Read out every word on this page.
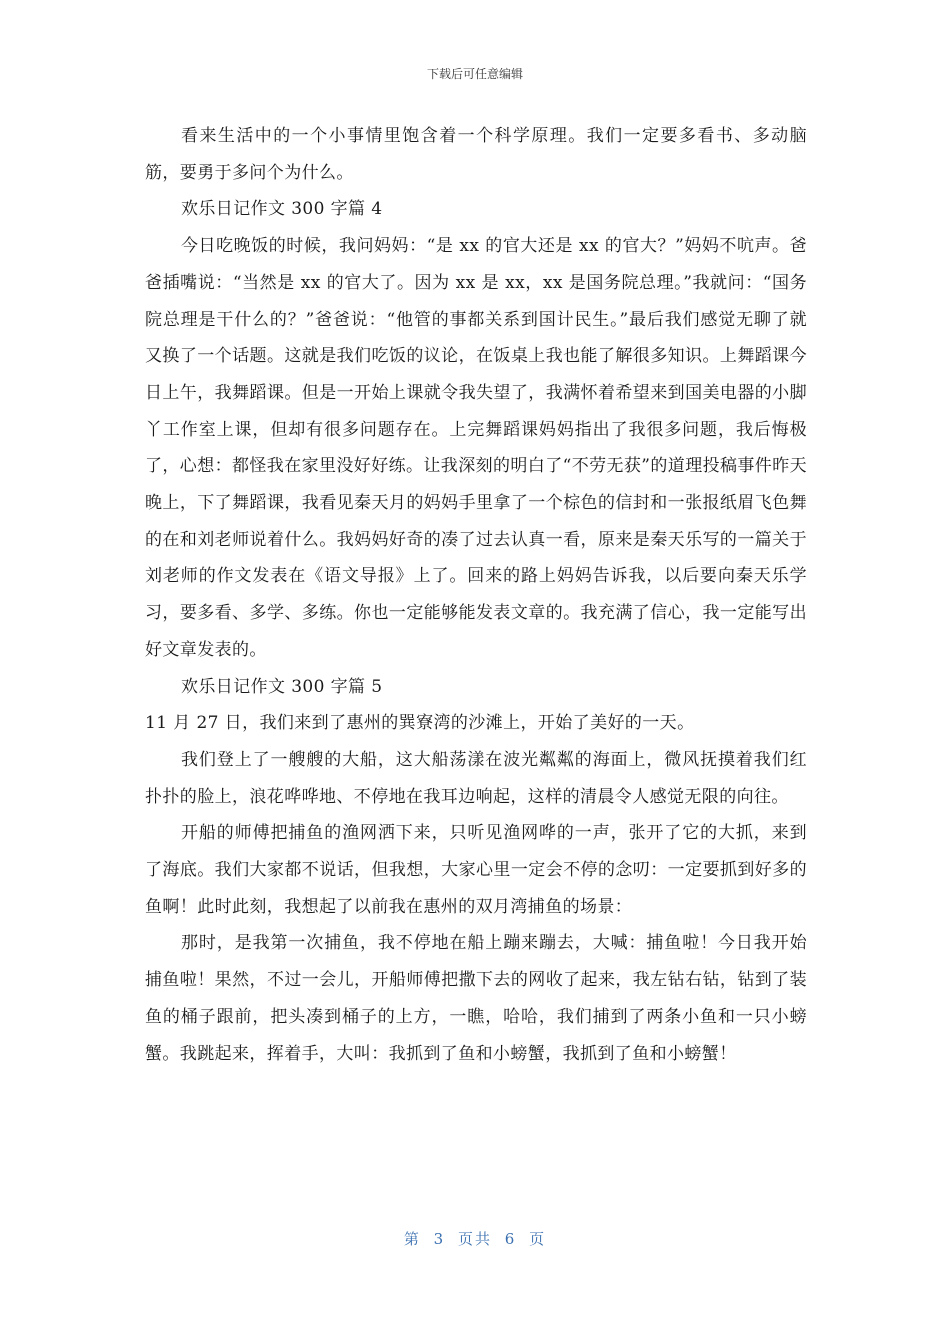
下载后可任意编辑

看来生活中的一个小事情里饱含着一个科学原理。我们一定要多看书、多动脑筋，要勇于多问个为什么。

欢乐日记作文 300 字篇 4

今日吃晚饭的时候，我问妈妈：“是 xx 的官大还是 xx 的官大？”妈妈不吭声。爸爸插嘴说：“当然是 xx 的官大了。因为 xx 是 xx，xx 是国务院总理。”我就问：“国务院总理是干什么的？”爸爸说：“他管的事都关系到国计民生。”最后我们感觉无聊了就又换了一个话题。这就是我们吃饭的议论，在饭桌上我也能了解很多知识。上舞蹈课今日上午，我舞蹈课。但是一开始上课就令我失望了，我满怀着希望来到国美电器的小脚丫工作室上课，但却有很多问题存在。上完舞蹈课妈妈指出了我很多问题，我后悔极了，心想：都怪我在家里没好好练。让我深刻的明白了“不劳无获”的道理投稿事件昨天晚上，下了舞蹈课，我看见秦天月的妈妈手里拿了一个棕色的信封和一张报纸眉飞色舞的在和刘老师说着什么。我妈妈好奇的凑了过去认真一看，原来是秦天乐写的一篇关于刘老师的作文发表在《语文导报》上了。回来的路上妈妈告诉我，以后要向秦天乐学习，要多看、多学、多练。你也一定能够能发表文章的。我充满了信心，我一定能写出好文章发表的。

欢乐日记作文 300 字篇 5

11 月 27 日，我们来到了惠州的巽寮湾的沙滩上，开始了美好的一天。

我们登上了一艘艘的大船，这大船荡漾在波光粼粼的海面上，微风抚摸着我们红扑扑的脸上，浪花哗哗地、不停地在我耳边响起，这样的清晨令人感觉无限的向往。

开船的师傅把捕鱼的渔网洒下来，只听见渔网哗的一声，张开了它的大抓，来到了海底。我们大家都不说话，但我想，大家心里一定会不停的念叨：一定要抓到好多的鱼啊！此时此刻，我想起了以前我在惠州的双月湾捕鱼的场景：

那时，是我第一次捕鱼，我不停地在船上蹦来蹦去，大喊：捕鱼啦！今日我开始捕鱼啦！果然，不过一会儿，开船师傅把撒下去的网收了起来，我左钻右钻，钻到了装鱼的桶子跟前，把头凑到桶子的上方，一瞧，哈哈，我们捕到了两条小鱼和一只小螃蟹。我跳起来，挥着手，大叫：我抓到了鱼和小螃蟹，我抓到了鱼和小螃蟹！

第 3 页共 6 页
